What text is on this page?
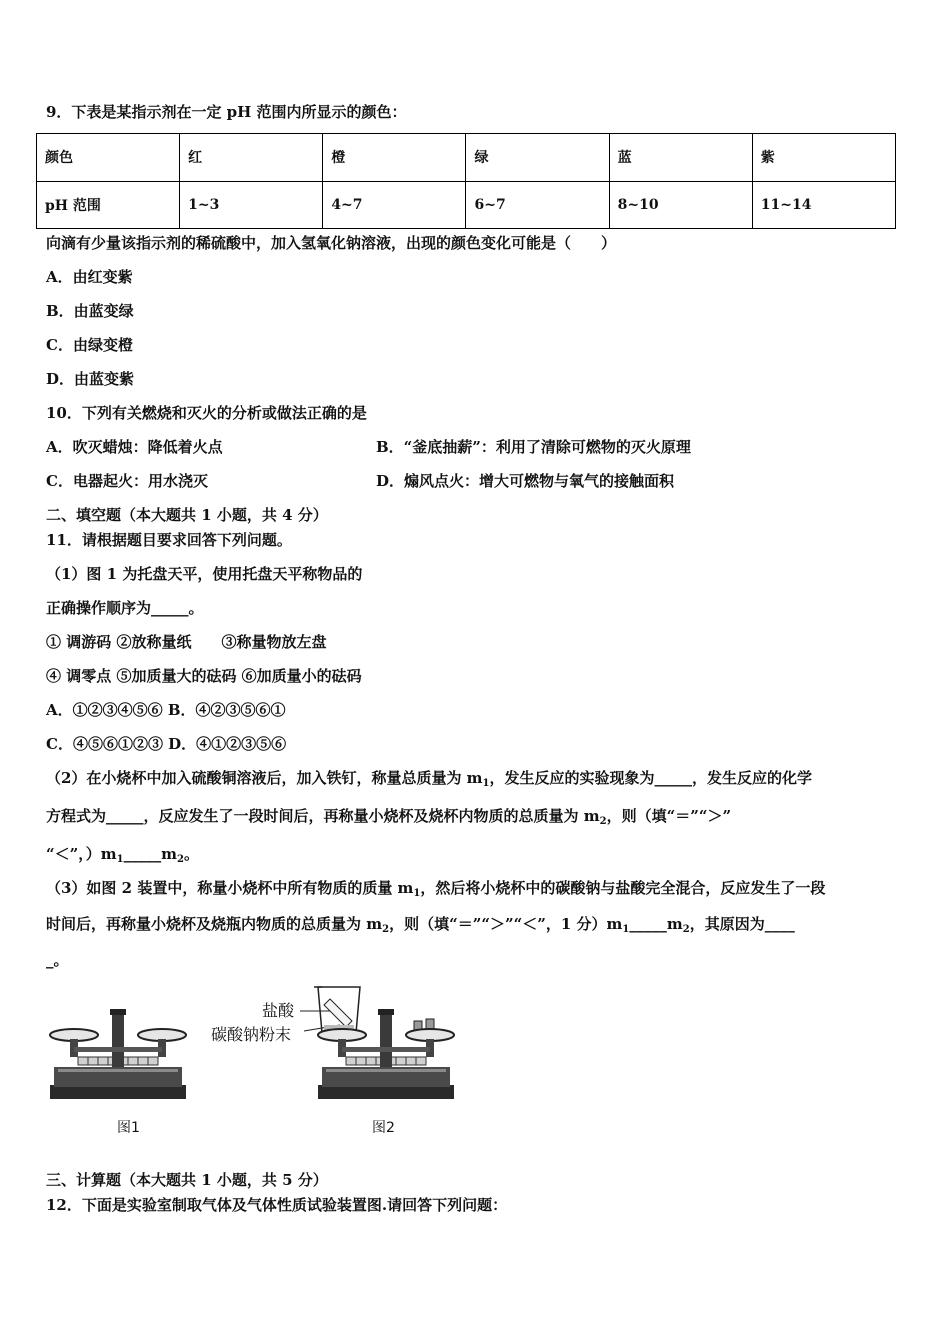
9．下表是某指示剂在一定 pH 范围内所显示的颜色：
颜色	红	橙	绿	蓝	紫
pH 范围	1~3	4~7	6~7	8~10	11~14
向滴有少量该指示剂的稀硫酸中，加入氢氧化钠溶液，出现的颜色变化可能是（　　）
A．由红变紫
B．由蓝变绿
C．由绿变橙
D．由蓝变紫
10．下列有关燃烧和灭火的分析或做法正确的是
A．吹灭蜡烛：降低着火点	B．“釜底抽薪”：利用了清除可燃物的灭火原理
C．电器起火：用水浇灭	D．煽风点火：增大可燃物与氧气的接触面积
二、填空题（本大题共 1 小题，共 4 分）
11．请根据题目要求回答下列问题。
（1）图 1 为托盘天平，使用托盘天平称物品的
正确操作顺序为_____。
① 调游码 ②放称量纸　　③称量物放左盘
④ 调零点 ⑤加质量大的砝码 ⑥加质量小的砝码
A．①②③④⑤⑥ B．④②③⑤⑥①
C．④⑤⑥①②③ D．④①②③⑤⑥
（2）在小烧杯中加入硫酸铜溶液后，加入铁钉，称量总质量为 $m_1$，发生反应的实验现象为_____，发生反应的化学
方程式为_____，反应发生了一段时间后，再称量小烧杯及烧杯内物质的总质量为 $m_2$，则（填“＝”“＞”
“＜”，）$m_1\_\_\_\_\_m_2$。
（3）如图 2 装置中，称量小烧杯中所有物质的质量 $m_1$，然后将小烧杯中的碳酸钠与盐酸完全混合，反应发生了一段
时间后，再称量小烧杯及烧瓶内物质的总质量为 $m_2$，则（填“＝”“＞”“＜”，1 分）$m_1\_\_\_\_\_m_2$，其原因为____
_。
图1
盐酸
碳酸钠粉末
图2
三、计算题（本大题共 1 小题，共 5 分）
12．下面是实验室制取气体及气体性质试验装置图.请回答下列问题：
